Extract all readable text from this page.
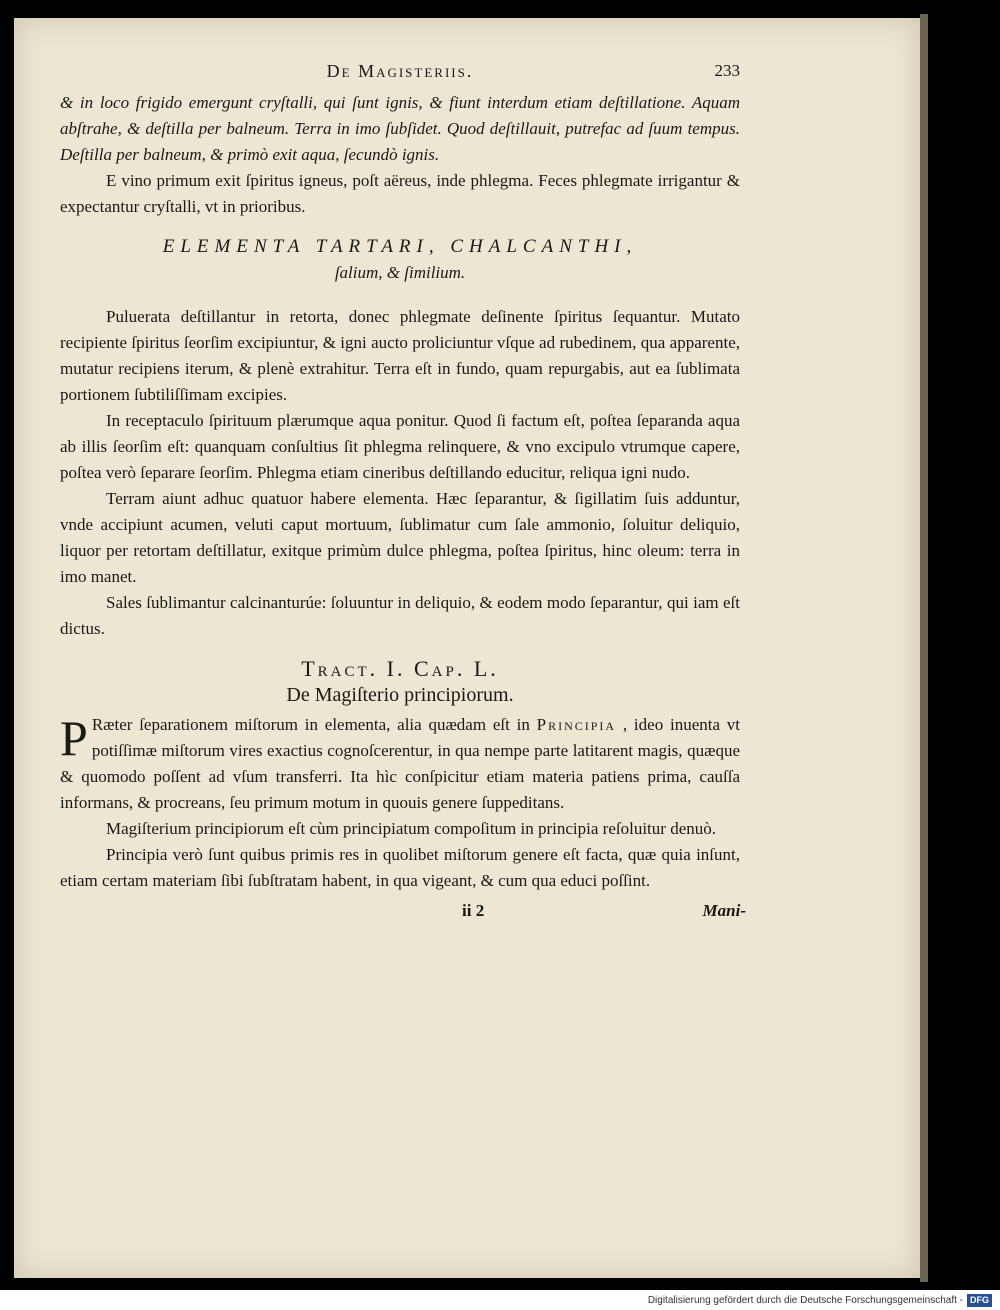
De Magisteriis.	233

& in loco frigido emergunt cryſtalli, qui ſunt ignis, & fiunt interdum etiam deſtillatione. Aquam abſtrahe, & deſtilla per balneum. Terra in imo ſubſidet. Quod deſtillauit, putrefac ad ſuum tempus. Deſtilla per balneum, & primò exit aqua, ſecundò ignis.

E vino primum exit ſpiritus igneus, poſt aëreus, inde phlegma. Feces phlegmate irrigantur & expectantur cryſtalli, vt in prioribus.

ELEMENTA TARTARI, CHALCANTHI,
ſalium, & ſimilium.

Puluerata deſtillantur in retorta, donec phlegmate deſinente ſpiritus ſequantur. Mutato recipiente ſpiritus ſeorſim excipiuntur, & igni aucto proliciuntur vſque ad rubedinem, qua apparente, mutatur recipiens iterum, & plenè extrahitur. Terra eſt in fundo, quam repurgabis, aut ea ſublimata portionem ſubtiliſſimam excipies.

In receptaculo ſpirituum plærumque aqua ponitur. Quod ſi factum eſt, poſtea ſeparanda aqua ab illis ſeorſim eſt: quanquam conſultius ſit phlegma relinquere, & vno excipulo vtrumque capere, poſtea verò ſeparare ſeorſim. Phlegma etiam cineribus deſtillando educitur, reliqua igni nudo.

Terram aiunt adhuc quatuor habere elementa. Hæc ſeparantur, & ſigillatim ſuis adduntur, vnde accipiunt acumen, veluti caput mortuum, ſublimatur cum ſale ammonio, ſoluitur deliquio, liquor per retortam deſtillatur, exitque primùm dulce phlegma, poſtea ſpiritus, hinc oleum: terra in imo manet.

Sales ſublimantur calcinanturúe: ſoluuntur in deliquio, & eodem modo ſeparantur, qui iam eſt dictus.

Tract. I. Cap. L.
De Magiſterio principiorum.

P Ræter ſeparationem miſtorum in elementa, alia quædam eſt in Principia , ideo inuenta vt potiſſimæ miſtorum vires exactius cognoſcerentur, in qua nempe parte latitarent magis, quæque & quomodo poſſent ad vſum transferri. Ita hìc conſpicitur etiam materia patiens prima, cauſſa informans, & procreans, ſeu primum motum in quouis genere ſuppeditans.

Magiſterium principiorum eſt cùm principiatum compoſitum in principia reſoluitur denuò.

Principia verò ſunt quibus primis res in quolibet miſtorum genere eſt facta, quæ quia inſunt, etiam certam materiam ſibi ſubſtratam habent, in qua vigeant, & cum qua educi poſſint.

ii 2	Mani-
Digitalisierung gefördert durch die Deutsche Forschungsgemeinschaft - DFG
